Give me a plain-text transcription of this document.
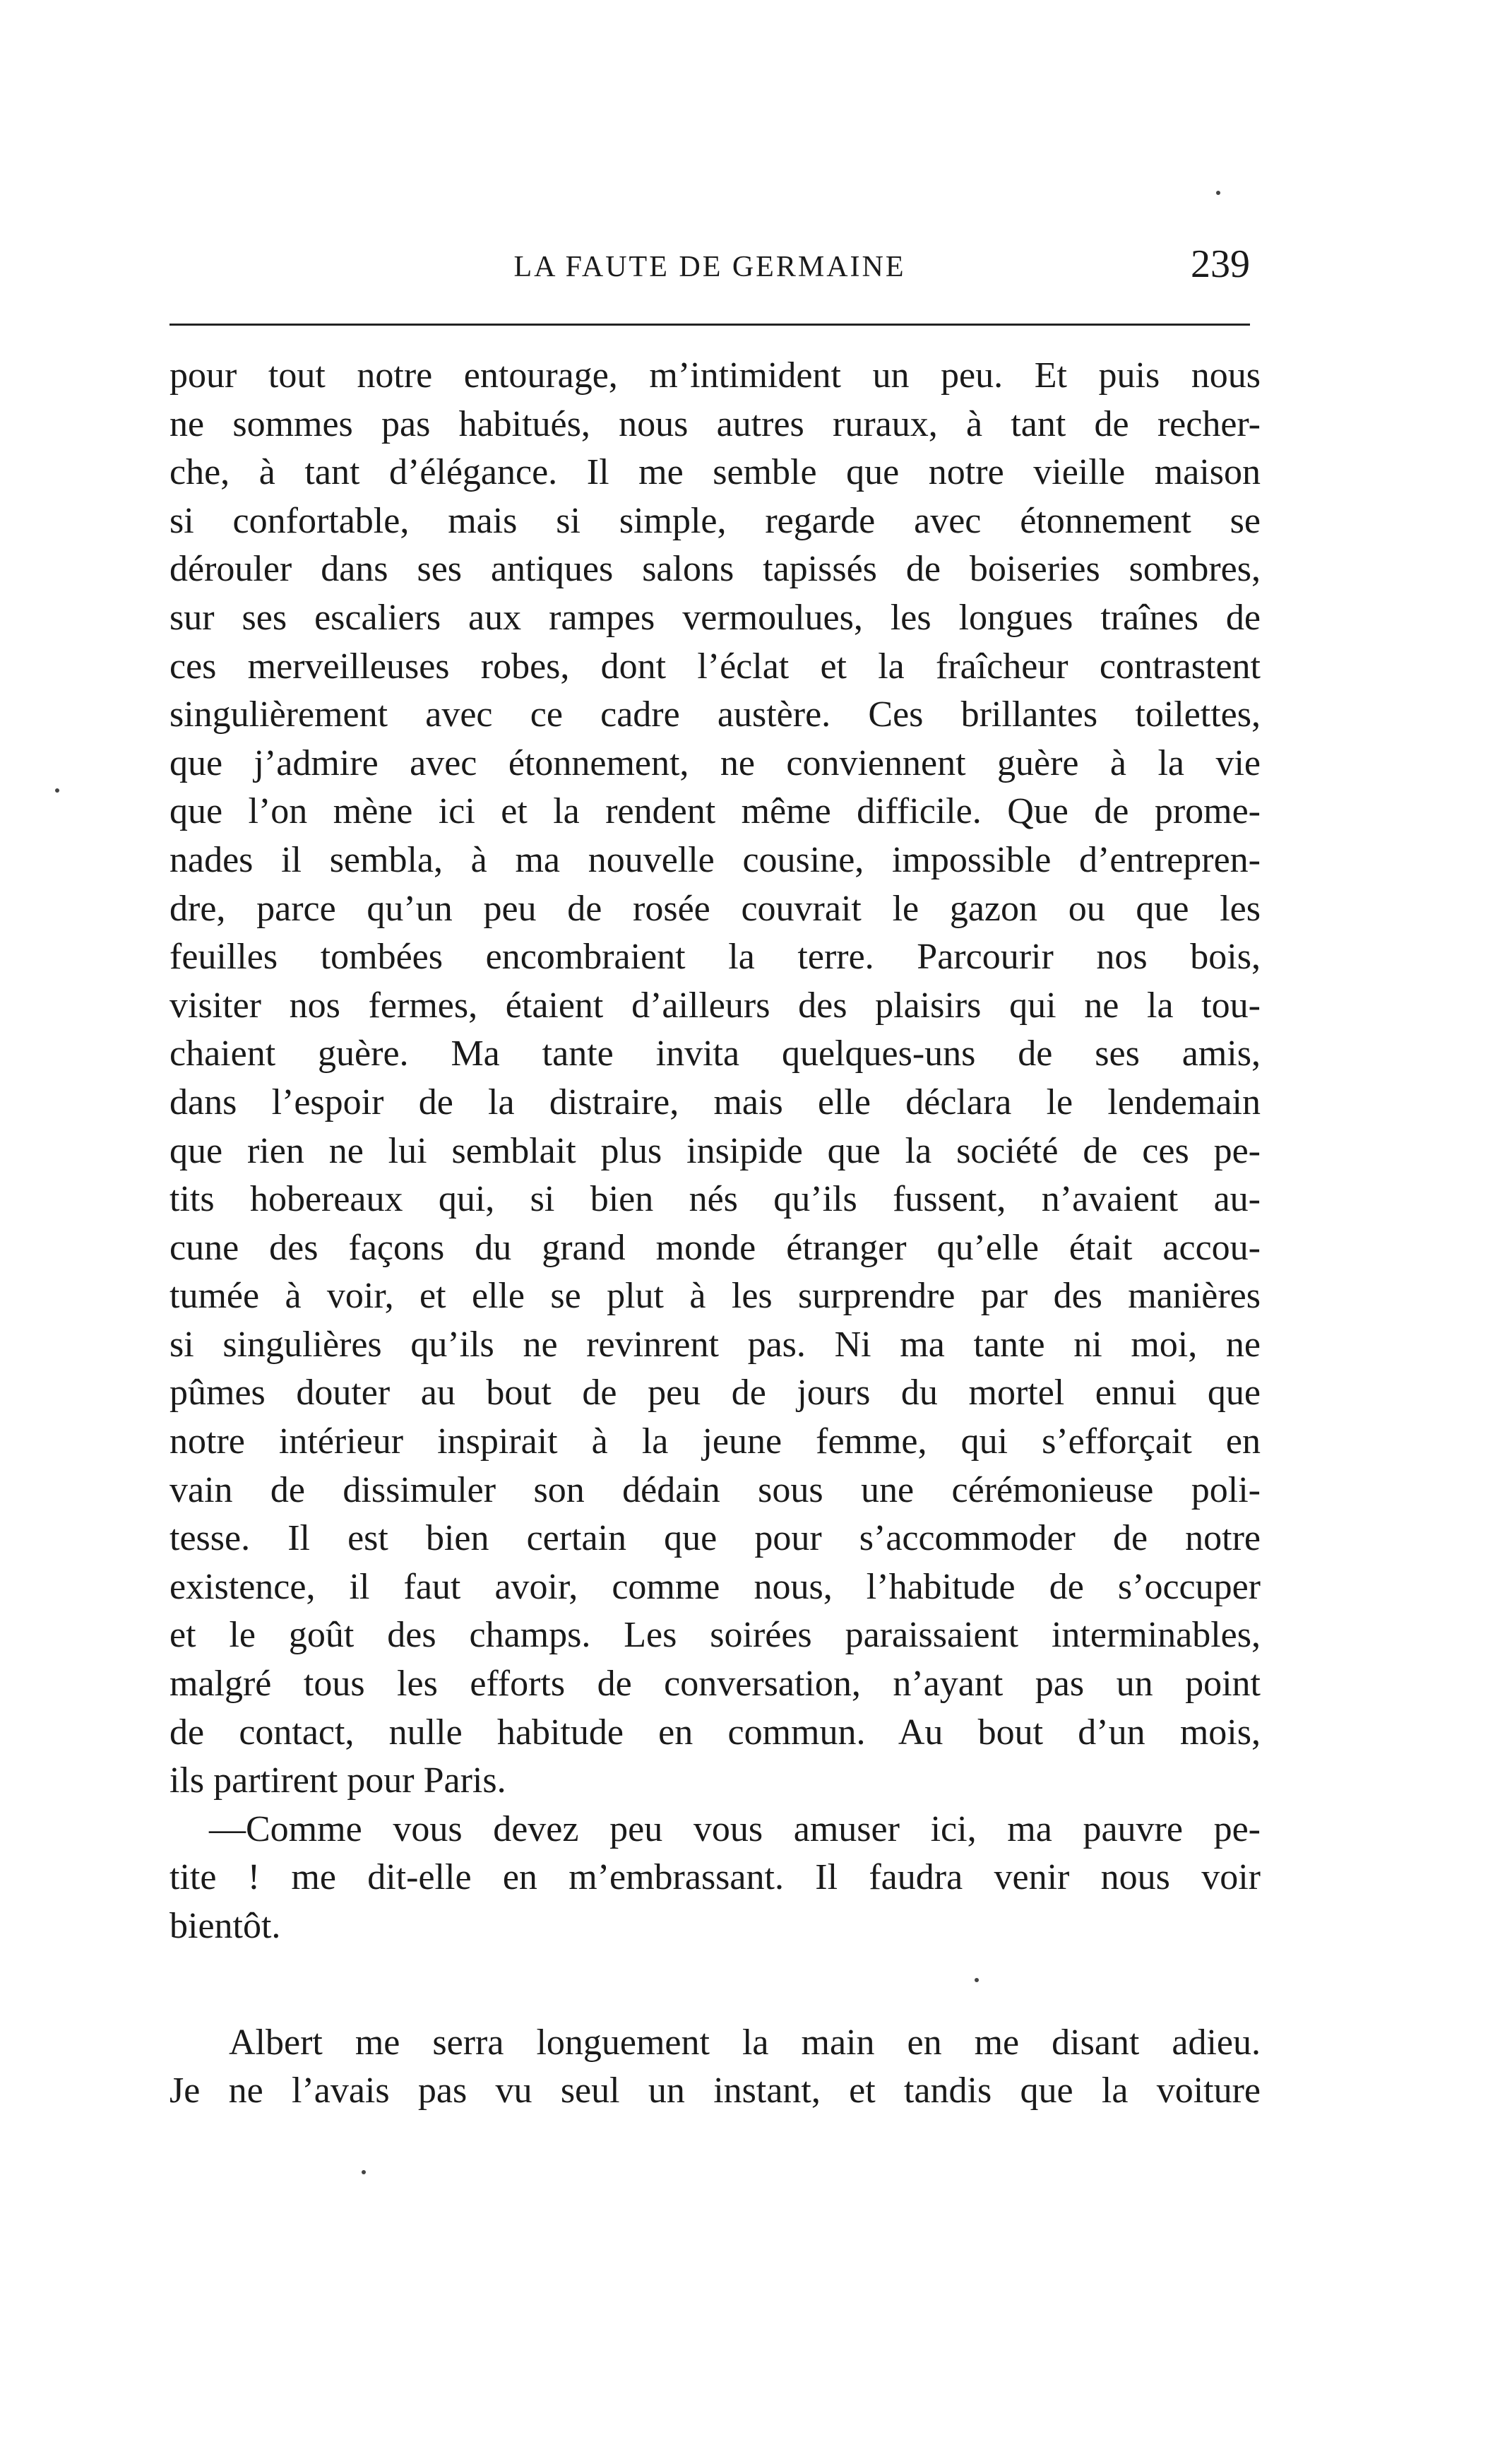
LA FAUTE DE GERMAINE	239
pour tout notre entourage, m’intimident un peu. Et puis nous
ne sommes pas habitués, nous autres ruraux, à tant de recher-
che, à tant d’élégance. Il me semble que notre vieille maison
si confortable, mais si simple, regarde avec étonnement se
dérouler dans ses antiques salons tapissés de boiseries sombres,
sur ses escaliers aux rampes vermoulues, les longues traînes de
ces merveilleuses robes, dont l’éclat et la fraîcheur contrastent
singulièrement avec ce cadre austère. Ces brillantes toilettes,
que j’admire avec étonnement, ne conviennent guère à la vie
que l’on mène ici et la rendent même difficile. Que de prome-
nades il sembla, à ma nouvelle cousine, impossible d’entrepren-
dre, parce qu’un peu de rosée couvrait le gazon ou que les
feuilles tombées encombraient la terre. Parcourir nos bois,
visiter nos fermes, étaient d’ailleurs des plaisirs qui ne la tou-
chaient guère. Ma tante invita quelques-uns de ses amis,
dans l’espoir de la distraire, mais elle déclara le lendemain
que rien ne lui semblait plus insipide que la société de ces pe-
tits hobereaux qui, si bien nés qu’ils fussent, n’avaient au-
cune des façons du grand monde étranger qu’elle était accou-
tumée à voir, et elle se plut à les surprendre par des manières
si singulières qu’ils ne revinrent pas. Ni ma tante ni moi, ne
pûmes douter au bout de peu de jours du mortel ennui que
notre intérieur inspirait à la jeune femme, qui s’efforçait en
vain de dissimuler son dédain sous une cérémonieuse poli-
tesse. Il est bien certain que pour s’accommoder de notre
existence, il faut avoir, comme nous, l’habitude de s’occuper
et le goût des champs. Les soirées paraissaient interminables,
malgré tous les efforts de conversation, n’ayant pas un point
de contact, nulle habitude en commun. Au bout d’un mois,
ils partirent pour Paris.
—Comme vous devez peu vous amuser ici, ma pauvre pe-
tite ! me dit-elle en m’embrassant. Il faudra venir nous voir
bientôt.
Albert me serra longuement la main en me disant adieu.
Je ne l’avais pas vu seul un instant, et tandis que la voiture
